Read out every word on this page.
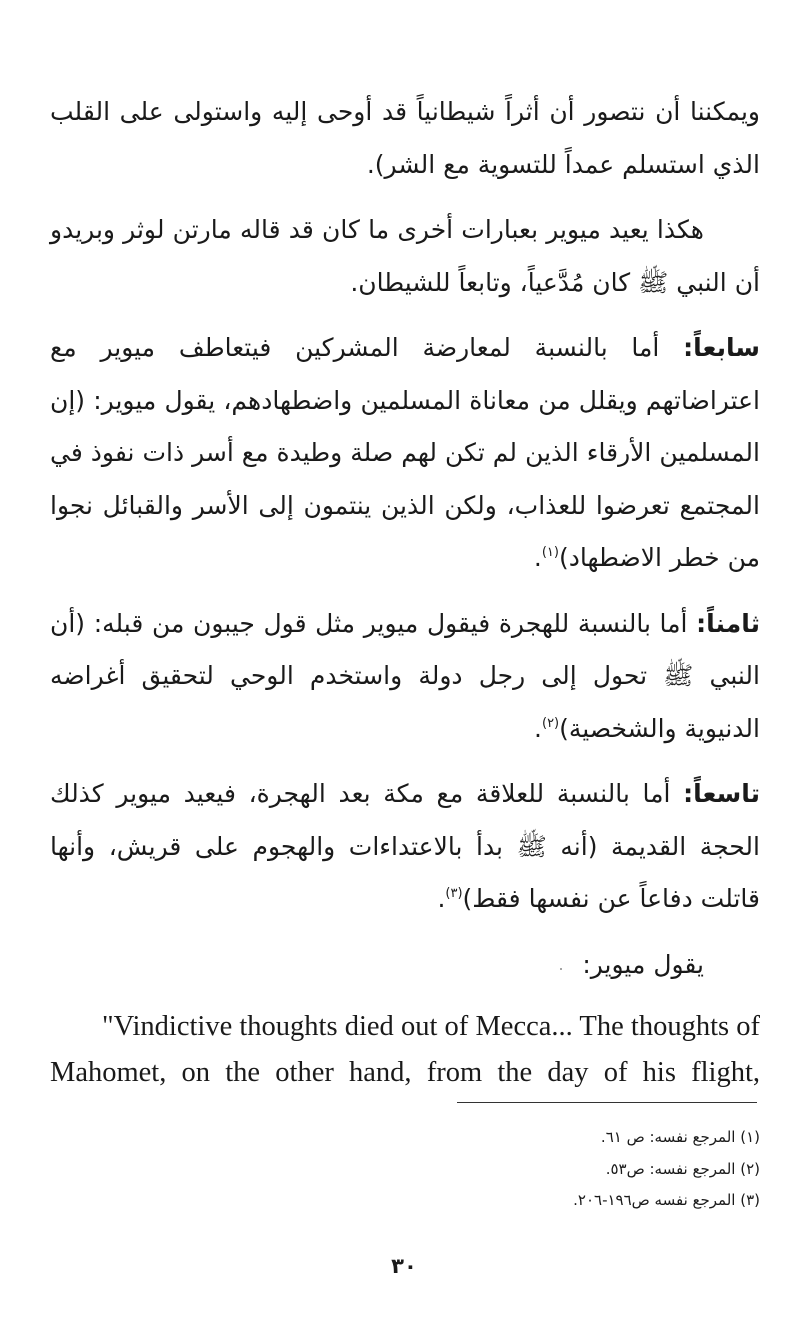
ويمكننا أن نتصور أن أثراً شيطانياً قد أوحى إليه واستولى على القلب الذي استسلم عمداً للتسوية مع الشر).

هكذا يعيد ميوير بعبارات أخرى ما كان قد قاله مارتن لوثر وبريدو أن النبي ﷺ كان مُدَّعياً، وتابعاً للشيطان.

سابعاً: أما بالنسبة لمعارضة المشركين فيتعاطف ميوير مع اعتراضاتهم ويقلل من معاناة المسلمين واضطهادهم، يقول ميوير: (إن المسلمين الأرقاء الذين لم تكن لهم صلة وطيدة مع أسر ذات نفوذ في المجتمع تعرضوا للعذاب، ولكن الذين ينتمون إلى الأسر والقبائل نجوا من خطر الاضطهاد)$^{(١)}$.

ثامناً: أما بالنسبة للهجرة فيقول ميوير مثل قول جيبون من قبله: (أن النبي ﷺ تحول إلى رجل دولة واستخدم الوحي لتحقيق أغراضه الدنيوية والشخصية)$^{(٢)}$.

تاسعاً: أما بالنسبة للعلاقة مع مكة بعد الهجرة، فيعيد ميوير كذلك الحجة القديمة (أنه ﷺ بدأ بالاعتداءات والهجوم على قريش، وأنها قاتلت دفاعاً عن نفسها فقط)$^{(٣)}$.

يقول ميوير:

"Vindictive thoughts died out of Mecca... The thoughts of Mahomet, on the other hand, from the day of his flight,

(١) المرجع نفسه: ص ٦١.

(٢) المرجع نفسه: ص٥٣.

(٣) المرجع نفسه ص١٩٦-٢٠٦.

٣٠
